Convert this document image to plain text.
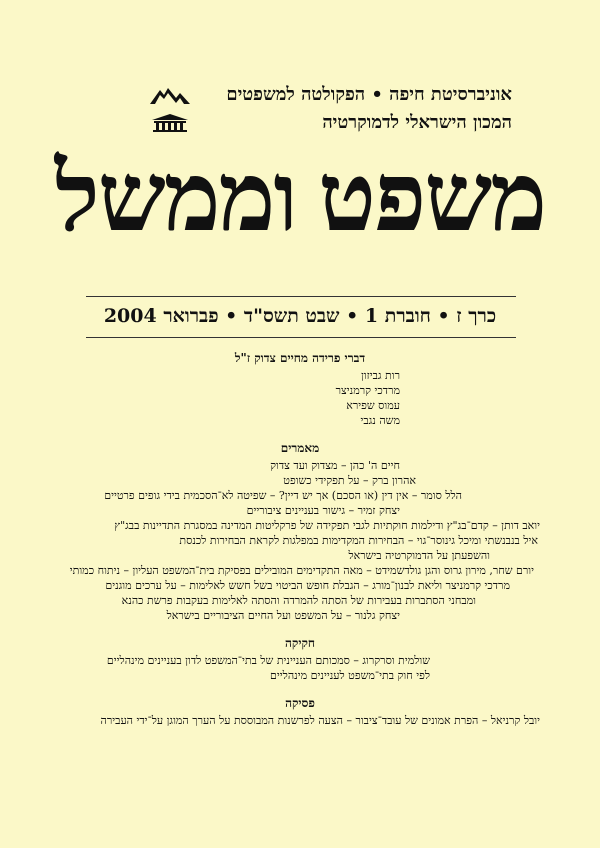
אוניברסיטת חיפה • הפקולטה למשפטים
המכון הישראלי לדמוקרטיה
משפט וממשל
כרך ז • חוברת 1 • שבט תשס"ד • פברואר 2004

דברי פרידה מחיים צדוק ז"ל

רות גביזון
מרדכי קרמניצר
עמוס שפירא
משה נגבי

מאמרים

חיים ה' כהן – מצדוק ועד צדוק
אהרון ברק – על תפקידי כשופט
הלל סומר – אין דין (או הסכם) אך יש דיין? – שפיטה לא־הסכמית בידי גופים פרטיים
יצחק זמיר – גישור בעניינים ציבוריים
יואב דותן – קדם־בג"ץ ודילמות חוקתיות לגבי תפקידה של פרקליטות המדינה במסגרת התדיינות בבג"ץ
איל בנבנשתי ומיכל גינוסר־גוי – הבחירות המקדימות במפלגות לקראת הבחירות לכנסת
והשפעתן על הדמוקרטיה בישראל
יורם שחר, מירון גרוס והגן גולדשמידט – מאה התקדימים המובילים בפסיקת בית־המשפט העליון – ניתוח כמותי
מרדכי קרמניצר וליאת לבנון־מורג – הגבלת חופש הביטוי בשל חשש לאלימות – על ערכים מוגנים
ומבחני הסתברות בעבירות של הסתה להמרדה והסתה לאלימות בעקבות פרשת כהנא
יצחק גלנור – על המשפט ועל החיים הציבוריים בישראל

חקיקה

שולמית וסרקרוג – סמכותם העניינית של בתי־המשפט לדון בעניינים מינהליים
לפי חוק בתי־משפט לעניינים מינהליים

פסיקה

יובל קרניאל – הפרת אמונים של עובד־ציבור – הצעה לפרשנות המבוססת על הערך המוגן על־ידי העבירה
